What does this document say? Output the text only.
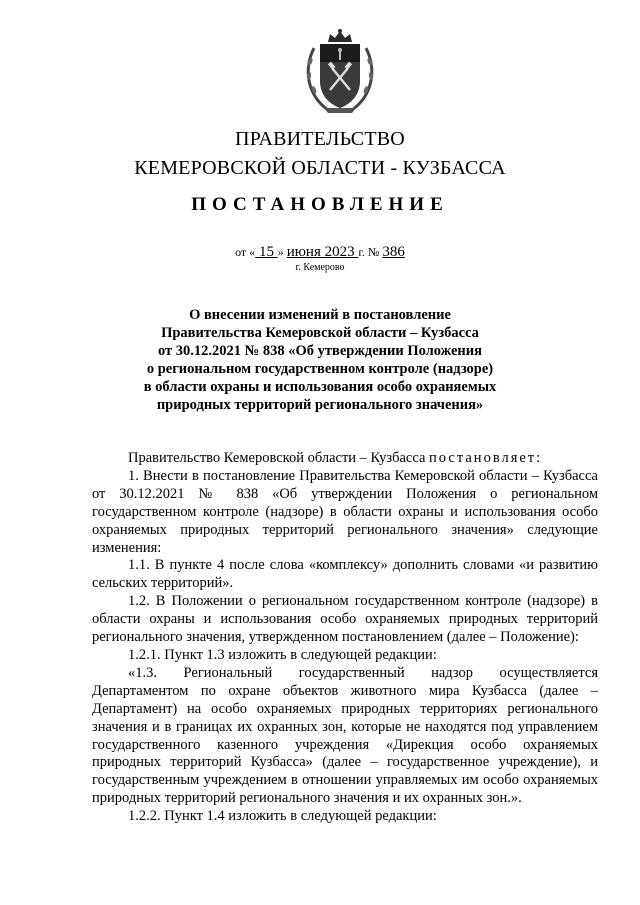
ПРАВИТЕЛЬСТВО
КЕМЕРОВСКОЙ ОБЛАСТИ - КУЗБАССА
ПОСТАНОВЛЕНИЕ
от « 15 » июня 2023 г. № 386
г. Кемерово
О внесении изменений в постановление
Правительства Кемеровской области – Кузбасса
от 30.12.2021 № 838 «Об утверждении Положения
о региональном государственном контроле (надзоре)
в области охраны и использования особо охраняемых
природных территорий регионального значения»

Правительство Кемеровской области – Кузбасса постановляет:

1. Внести в постановление Правительства Кемеровской области – Кузбасса от 30.12.2021 № 838 «Об утверждении Положения о региональном государственном контроле (надзоре) в области охраны и использования особо охраняемых природных территорий регионального значения» следующие изменения:

1.1. В пункте 4 после слова «комплексу» дополнить словами «и развитию сельских территорий».

1.2. В Положении о региональном государственном контроле (надзоре) в области охраны и использования особо охраняемых природных территорий регионального значения, утвержденном постановлением (далее – Положение):

1.2.1. Пункт 1.3 изложить в следующей редакции:

«1.3. Региональный государственный надзор осуществляется Департаментом по охране объектов животного мира Кузбасса (далее – Департамент) на особо охраняемых природных территориях регионального значения и в границах их охранных зон, которые не находятся под управлением государственного казенного учреждения «Дирекция особо охраняемых природных территорий Кузбасса» (далее – государственное учреждение), и государственным учреждением в отношении управляемых им особо охраняемых природных территорий регионального значения и их охранных зон.».

1.2.2. Пункт 1.4 изложить в следующей редакции:
